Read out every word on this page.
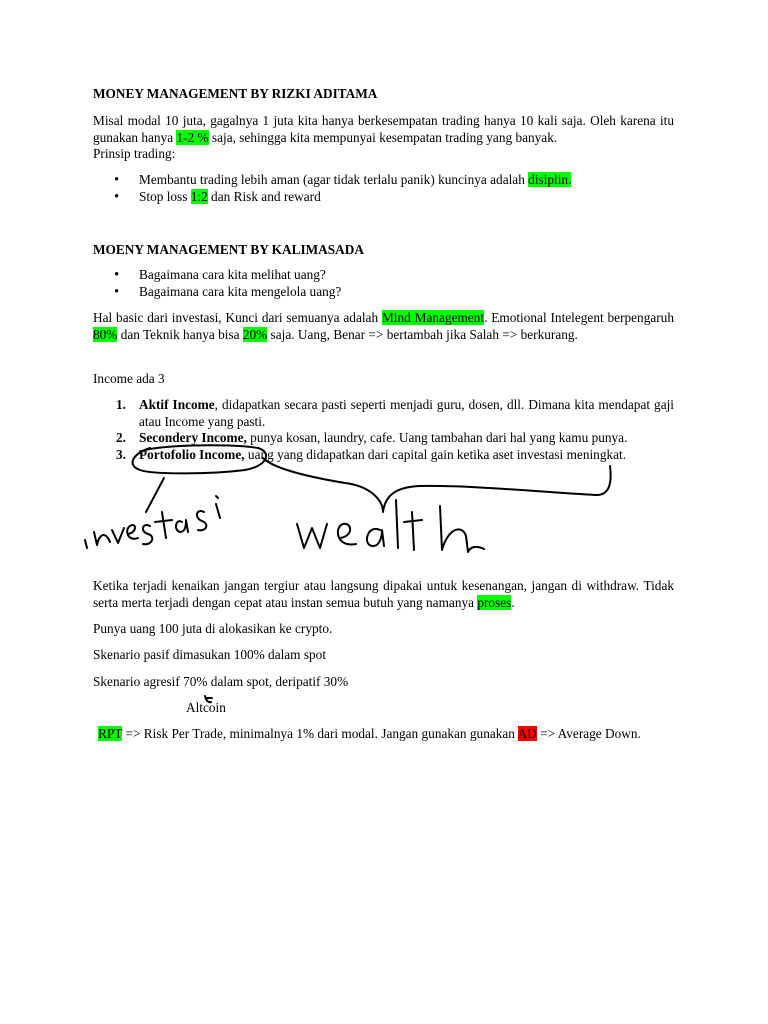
MONEY MANAGEMENT BY RIZKI ADITAMA
Misal modal 10 juta, gagalnya 1 juta kita hanya berkesempatan trading hanya 10 kali saja. Oleh karena itu gunakan hanya 1-2 % saja, sehingga kita mempunyai kesempatan trading yang banyak.
Prinsip trading:
• Membantu trading lebih aman (agar tidak terlalu panik) kuncinya adalah disiplin.
• Stop loss 1:2 dan Risk and reward
MOENY MANAGEMENT BY KALIMASADA
• Bagaimana cara kita melihat uang?
• Bagaimana cara kita mengelola uang?
Hal basic dari investasi, Kunci dari semuanya adalah Mind Management. Emotional Intelegent berpengaruh 80% dan Teknik hanya bisa 20% saja. Uang, Benar => bertambah jika Salah => berkurang.
Income ada 3
1. Aktif Income, didapatkan secara pasti seperti menjadi guru, dosen, dll. Dimana kita mendapat gaji atau Income yang pasti.
2. Secondery Income, punya kosan, laundry, cafe. Uang tambahan dari hal yang kamu punya.
3. Portofolio Income, uang yang didapatkan dari capital gain ketika aset investasi meningkat.
Ketika terjadi kenaikan jangan tergiur atau langsung dipakai untuk kesenangan, jangan di withdraw. Tidak serta merta terjadi dengan cepat atau instan semua butuh yang namanya proses.
Punya uang 100 juta di alokasikan ke crypto.
Skenario pasif dimasukan 100% dalam spot
Skenario agresif 70% dalam spot, deripatif 30%
Altcoin
RPT => Risk Per Trade, minimalnya 1% dari modal. Jangan gunakan gunakan AD => Average Down.
